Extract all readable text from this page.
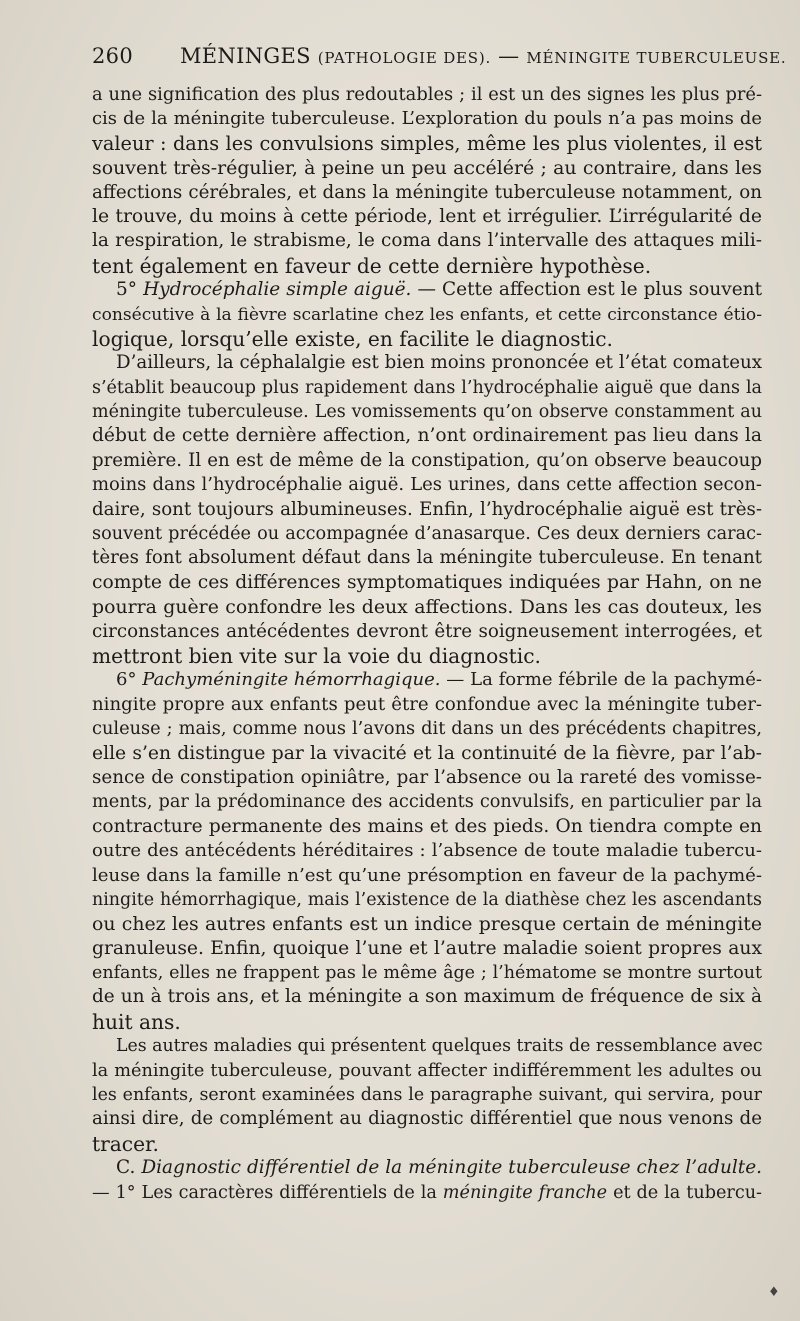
260 MÉNINGES (PATHOLOGIE DES). — MÉNINGITE TUBERCULEUSE.
a une signification des plus redoutables ; il est un des signes les plus pré-
cis de la méningite tuberculeuse. L’exploration du pouls n’a pas moins de
valeur : dans les convulsions simples, même les plus violentes, il est
souvent très-régulier, à peine un peu accéléré ; au contraire, dans les
affections cérébrales, et dans la méningite tuberculeuse notamment, on
le trouve, du moins à cette période, lent et irrégulier. L’irrégularité de
la respiration, le strabisme, le coma dans l’intervalle des attaques mili-
tent également en faveur de cette dernière hypothèse.
5° Hydrocéphalie simple aiguë. — Cette affection est le plus souvent
consécutive à la fièvre scarlatine chez les enfants, et cette circonstance étio-
logique, lorsqu’elle existe, en facilite le diagnostic.
D’ailleurs, la céphalalgie est bien moins prononcée et l’état comateux
s’établit beaucoup plus rapidement dans l’hydrocéphalie aiguë que dans la
méningite tuberculeuse. Les vomissements qu’on observe constamment au
début de cette dernière affection, n’ont ordinairement pas lieu dans la
première. Il en est de même de la constipation, qu’on observe beaucoup
moins dans l’hydrocéphalie aiguë. Les urines, dans cette affection secon-
daire, sont toujours albumineuses. Enfin, l’hydrocéphalie aiguë est très-
souvent précédée ou accompagnée d’anasarque. Ces deux derniers carac-
tères font absolument défaut dans la méningite tuberculeuse. En tenant
compte de ces différences symptomatiques indiquées par Hahn, on ne
pourra guère confondre les deux affections. Dans les cas douteux, les
circonstances antécédentes devront être soigneusement interrogées, et
mettront bien vite sur la voie du diagnostic.
6° Pachyméningite hémorrhagique. — La forme fébrile de la pachymé-
ningite propre aux enfants peut être confondue avec la méningite tuber-
culeuse ; mais, comme nous l’avons dit dans un des précédents chapitres,
elle s’en distingue par la vivacité et la continuité de la fièvre, par l’ab-
sence de constipation opiniâtre, par l’absence ou la rareté des vomisse-
ments, par la prédominance des accidents convulsifs, en particulier par la
contracture permanente des mains et des pieds. On tiendra compte en
outre des antécédents héréditaires : l’absence de toute maladie tubercu-
leuse dans la famille n’est qu’une présomption en faveur de la pachymé-
ningite hémorrhagique, mais l’existence de la diathèse chez les ascendants
ou chez les autres enfants est un indice presque certain de méningite
granuleuse. Enfin, quoique l’une et l’autre maladie soient propres aux
enfants, elles ne frappent pas le même âge ; l’hématome se montre surtout
de un à trois ans, et la méningite a son maximum de fréquence de six à
huit ans.
Les autres maladies qui présentent quelques traits de ressemblance avec
la méningite tuberculeuse, pouvant affecter indifféremment les adultes ou
les enfants, seront examinées dans le paragraphe suivant, qui servira, pour
ainsi dire, de complément au diagnostic différentiel que nous venons de
tracer.
C. Diagnostic différentiel de la méningite tuberculeuse chez l’adulte.
— 1° Les caractères différentiels de la méningite franche et de la tubercu-
♦
